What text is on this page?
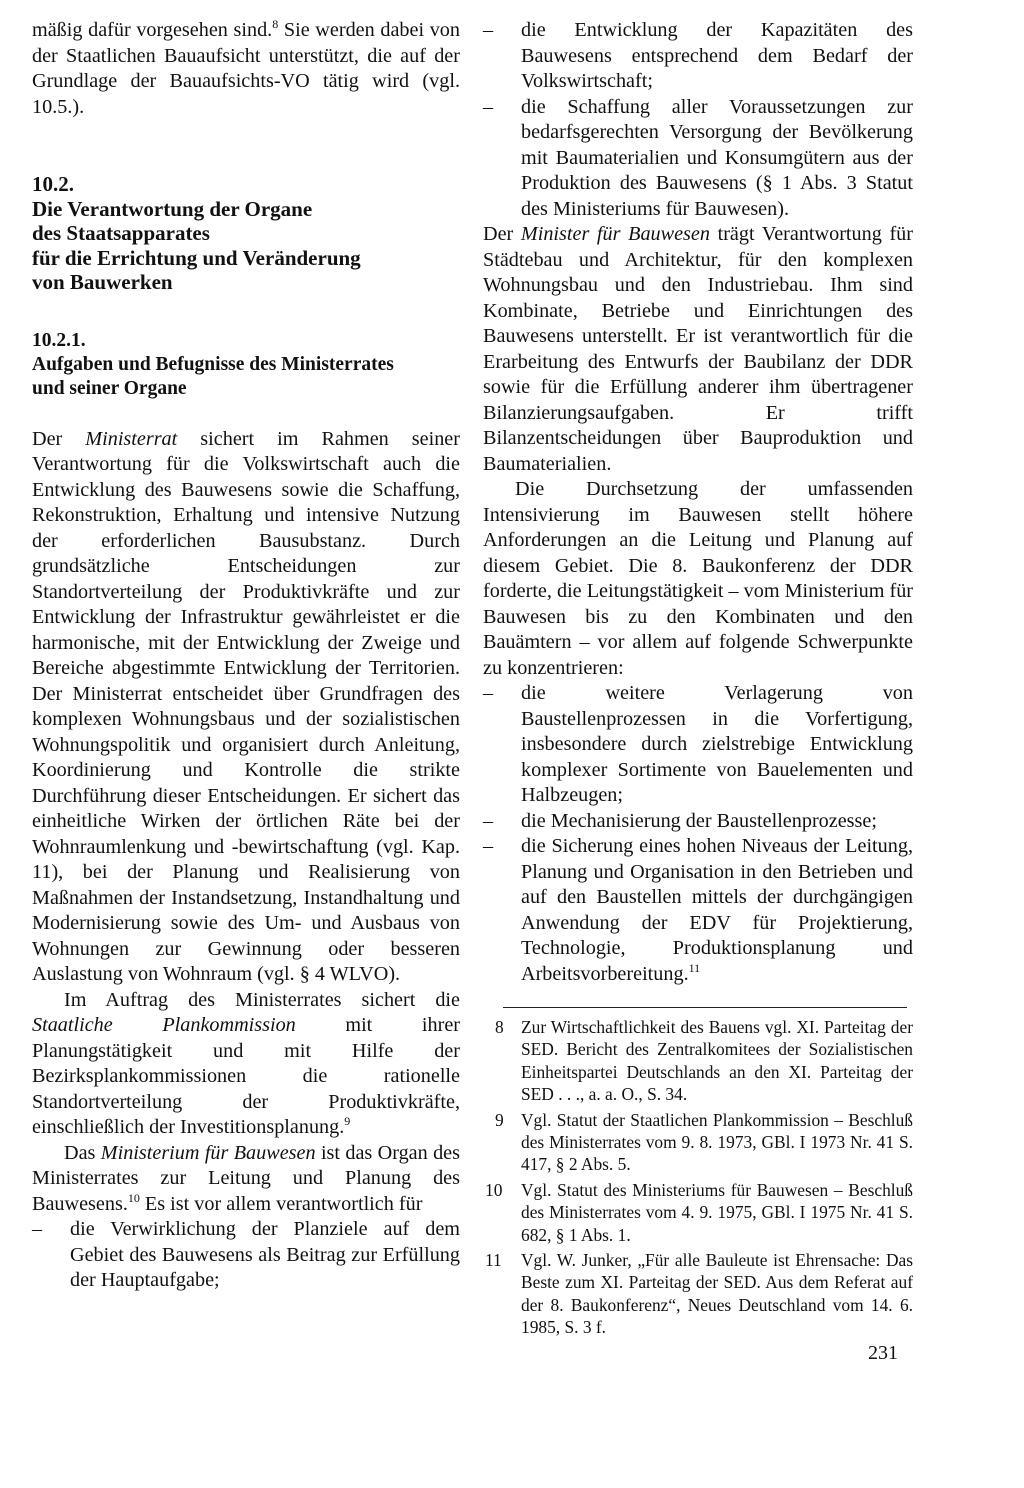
mäßig dafür vorgesehen sind.$^8$ Sie werden dabei von der Staatlichen Bauaufsicht unterstützt, die auf der Grundlage der Bauaufsichts-VO tätig wird (vgl. 10.5.).

10.2.
Die Verantwortung der Organe
des Staatsapparates
für die Errichtung und Veränderung
von Bauwerken
10.2.1.
Aufgaben und Befugnisse des Ministerrates
und seiner Organe

Der Ministerrat sichert im Rahmen seiner Verantwortung für die Volkswirtschaft auch die Entwicklung des Bauwesens sowie die Schaffung, Rekonstruktion, Erhaltung und intensive Nutzung der erforderlichen Bausubstanz. Durch grundsätzliche Entscheidungen zur Standortverteilung der Produktivkräfte und zur Entwicklung der Infrastruktur gewährleistet er die harmonische, mit der Entwicklung der Zweige und Bereiche abgestimmte Entwicklung der Territorien. Der Ministerrat entscheidet über Grundfragen des komplexen Wohnungsbaus und der sozialistischen Wohnungspolitik und organisiert durch Anleitung, Koordinierung und Kontrolle die strikte Durchführung dieser Entscheidungen. Er sichert das einheitliche Wirken der örtlichen Räte bei der Wohnraumlenkung und -bewirtschaftung (vgl. Kap. 11), bei der Planung und Realisierung von Maßnahmen der Instandsetzung, Instandhaltung und Modernisierung sowie des Um- und Ausbaus von Wohnungen zur Gewinnung oder besseren Auslastung von Wohnraum (vgl. § 4 WLVO).

Im Auftrag des Ministerrates sichert die Staatliche Plankommission mit ihrer Planungstätigkeit und mit Hilfe der Bezirksplankommissionen die rationelle Standortverteilung der Produktivkräfte, einschließlich der Investitionsplanung.$^9$

Das Ministerium für Bauwesen ist das Organ des Ministerrates zur Leitung und Planung des Bauwesens.$^{10}$ Es ist vor allem verantwortlich für

– die Verwirklichung der Planziele auf dem Gebiet des Bauwesens als Beitrag zur Erfüllung der Hauptaufgabe;

– die Entwicklung der Kapazitäten des Bauwesens entsprechend dem Bedarf der Volkswirtschaft;

– die Schaffung aller Voraussetzungen zur bedarfsgerechten Versorgung der Bevölkerung mit Baumaterialien und Konsumgütern aus der Produktion des Bauwesens (§ 1 Abs. 3 Statut des Ministeriums für Bauwesen).

Der Minister für Bauwesen trägt Verantwortung für Städtebau und Architektur, für den komplexen Wohnungsbau und den Industriebau. Ihm sind Kombinate, Betriebe und Einrichtungen des Bauwesens unterstellt. Er ist verantwortlich für die Erarbeitung des Entwurfs der Baubilanz der DDR sowie für die Erfüllung anderer ihm übertragener Bilanzierungsaufgaben. Er trifft Bilanzentscheidungen über Bauproduktion und Baumaterialien.

Die Durchsetzung der umfassenden Intensivierung im Bauwesen stellt höhere Anforderungen an die Leitung und Planung auf diesem Gebiet. Die 8. Baukonferenz der DDR forderte, die Leitungstätigkeit – vom Ministerium für Bauwesen bis zu den Kombinaten und den Bauämtern – vor allem auf folgende Schwerpunkte zu konzentrieren:

– die weitere Verlagerung von Baustellenprozessen in die Vorfertigung, insbesondere durch zielstrebige Entwicklung komplexer Sortimente von Bauelementen und Halbzeugen;

– die Mechanisierung der Baustellenprozesse;

– die Sicherung eines hohen Niveaus der Leitung, Planung und Organisation in den Betrieben und auf den Baustellen mittels der durchgängigen Anwendung der EDV für Projektierung, Technologie, Produktionsplanung und Arbeitsvorbereitung.$^{11}$

8 Zur Wirtschaftlichkeit des Bauens vgl. XI. Parteitag der SED. Bericht des Zentralkomitees der Sozialistischen Einheitspartei Deutschlands an den XI. Parteitag der SED . . ., a. a. O., S. 34.
9 Vgl. Statut der Staatlichen Plankommission – Beschluß des Ministerrates vom 9. 8. 1973, GBl. I 1973 Nr. 41 S. 417, § 2 Abs. 5.
10 Vgl. Statut des Ministeriums für Bauwesen – Beschluß des Ministerrates vom 4. 9. 1975, GBl. I 1975 Nr. 41 S. 682, § 1 Abs. 1.
11 Vgl. W. Junker, „Für alle Bauleute ist Ehrensache: Das Beste zum XI. Parteitag der SED. Aus dem Referat auf der 8. Baukonferenz“, Neues Deutschland vom 14. 6. 1985, S. 3 f.
231
